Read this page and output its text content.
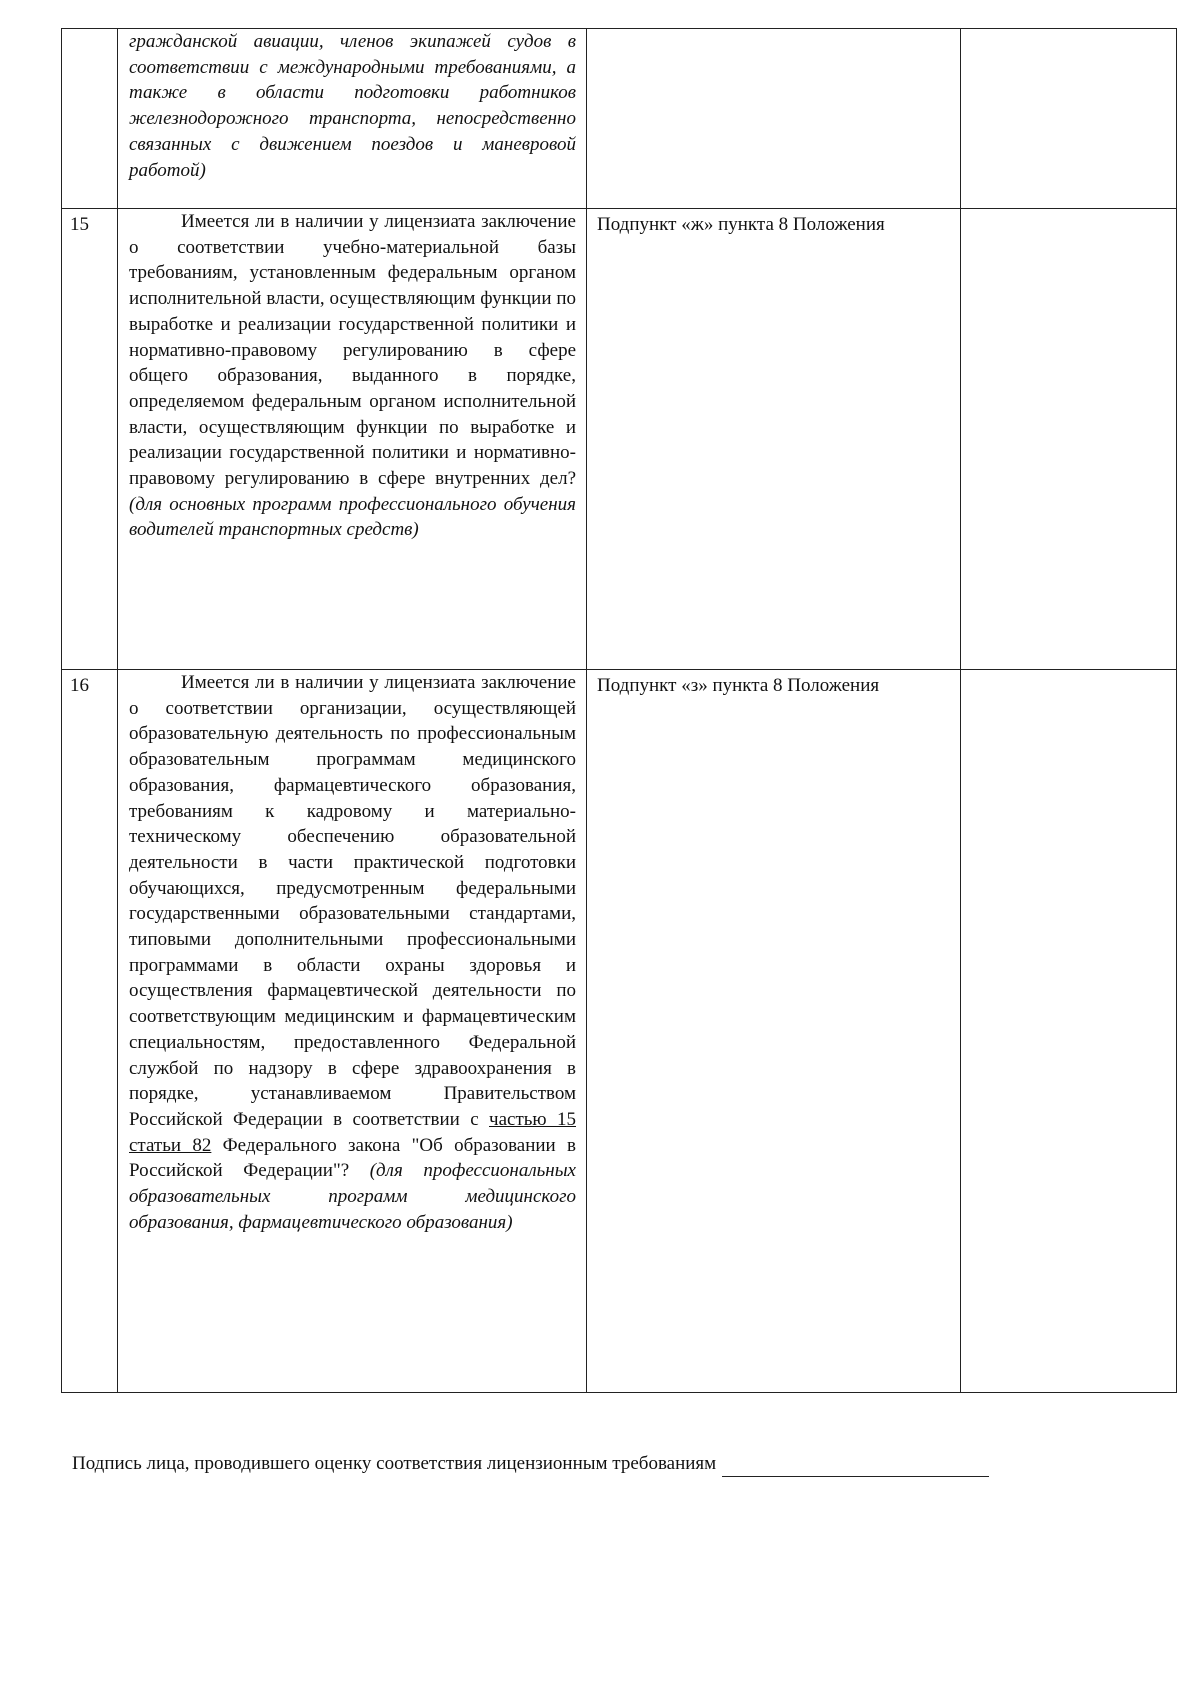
	гражданской авиации, членов экипажей судов в соответствии с международными требованиями, а также в области подготовки работников железнодорожного транспорта, непосредственно связанных с движением поездов и маневровой работой)		

15	Имеется ли в наличии у лицензиата заключение о соответствии учебно-материальной базы требованиям, установленным федеральным органом исполнительной власти, осуществляющим функции по выработке и реализации государственной политики и нормативно-правовому регулированию в сфере общего образования, выданного в порядке, определяемом федеральным органом исполнительной власти, осуществляющим функции по выработке и реализации государственной политики и нормативно-правовому регулированию в сфере внутренних дел? (для основных программ профессионального обучения водителей транспортных средств)	Подпункт «ж» пункта 8 Положения	
16	Имеется ли в наличии у лицензиата заключение о соответствии организации, осуществляющей образовательную деятельность по профессиональным образовательным программам медицинского образования, фармацевтического образования, требованиям к кадровому и материально-техническому обеспечению образовательной деятельности в части практической подготовки обучающихся, предусмотренным федеральными государственными образовательными стандартами, типовыми дополнительными профессиональными программами в области охраны здоровья и осуществления фармацевтической деятельности по соответствующим медицинским и фармацевтическим специальностям, предоставленного Федеральной службой по надзору в сфере здравоохранения в порядке, устанавливаемом Правительством Российской Федерации в соответствии с частью 15 статьи 82 Федерального закона "Об образовании в Российской Федерации"? (для профессиональных образовательных программ медицинского образования, фармацевтического образования)	Подпункт «з» пункта 8 Положения	
Подпись лица, проводившего оценку соответствия лицензионным требованиям
